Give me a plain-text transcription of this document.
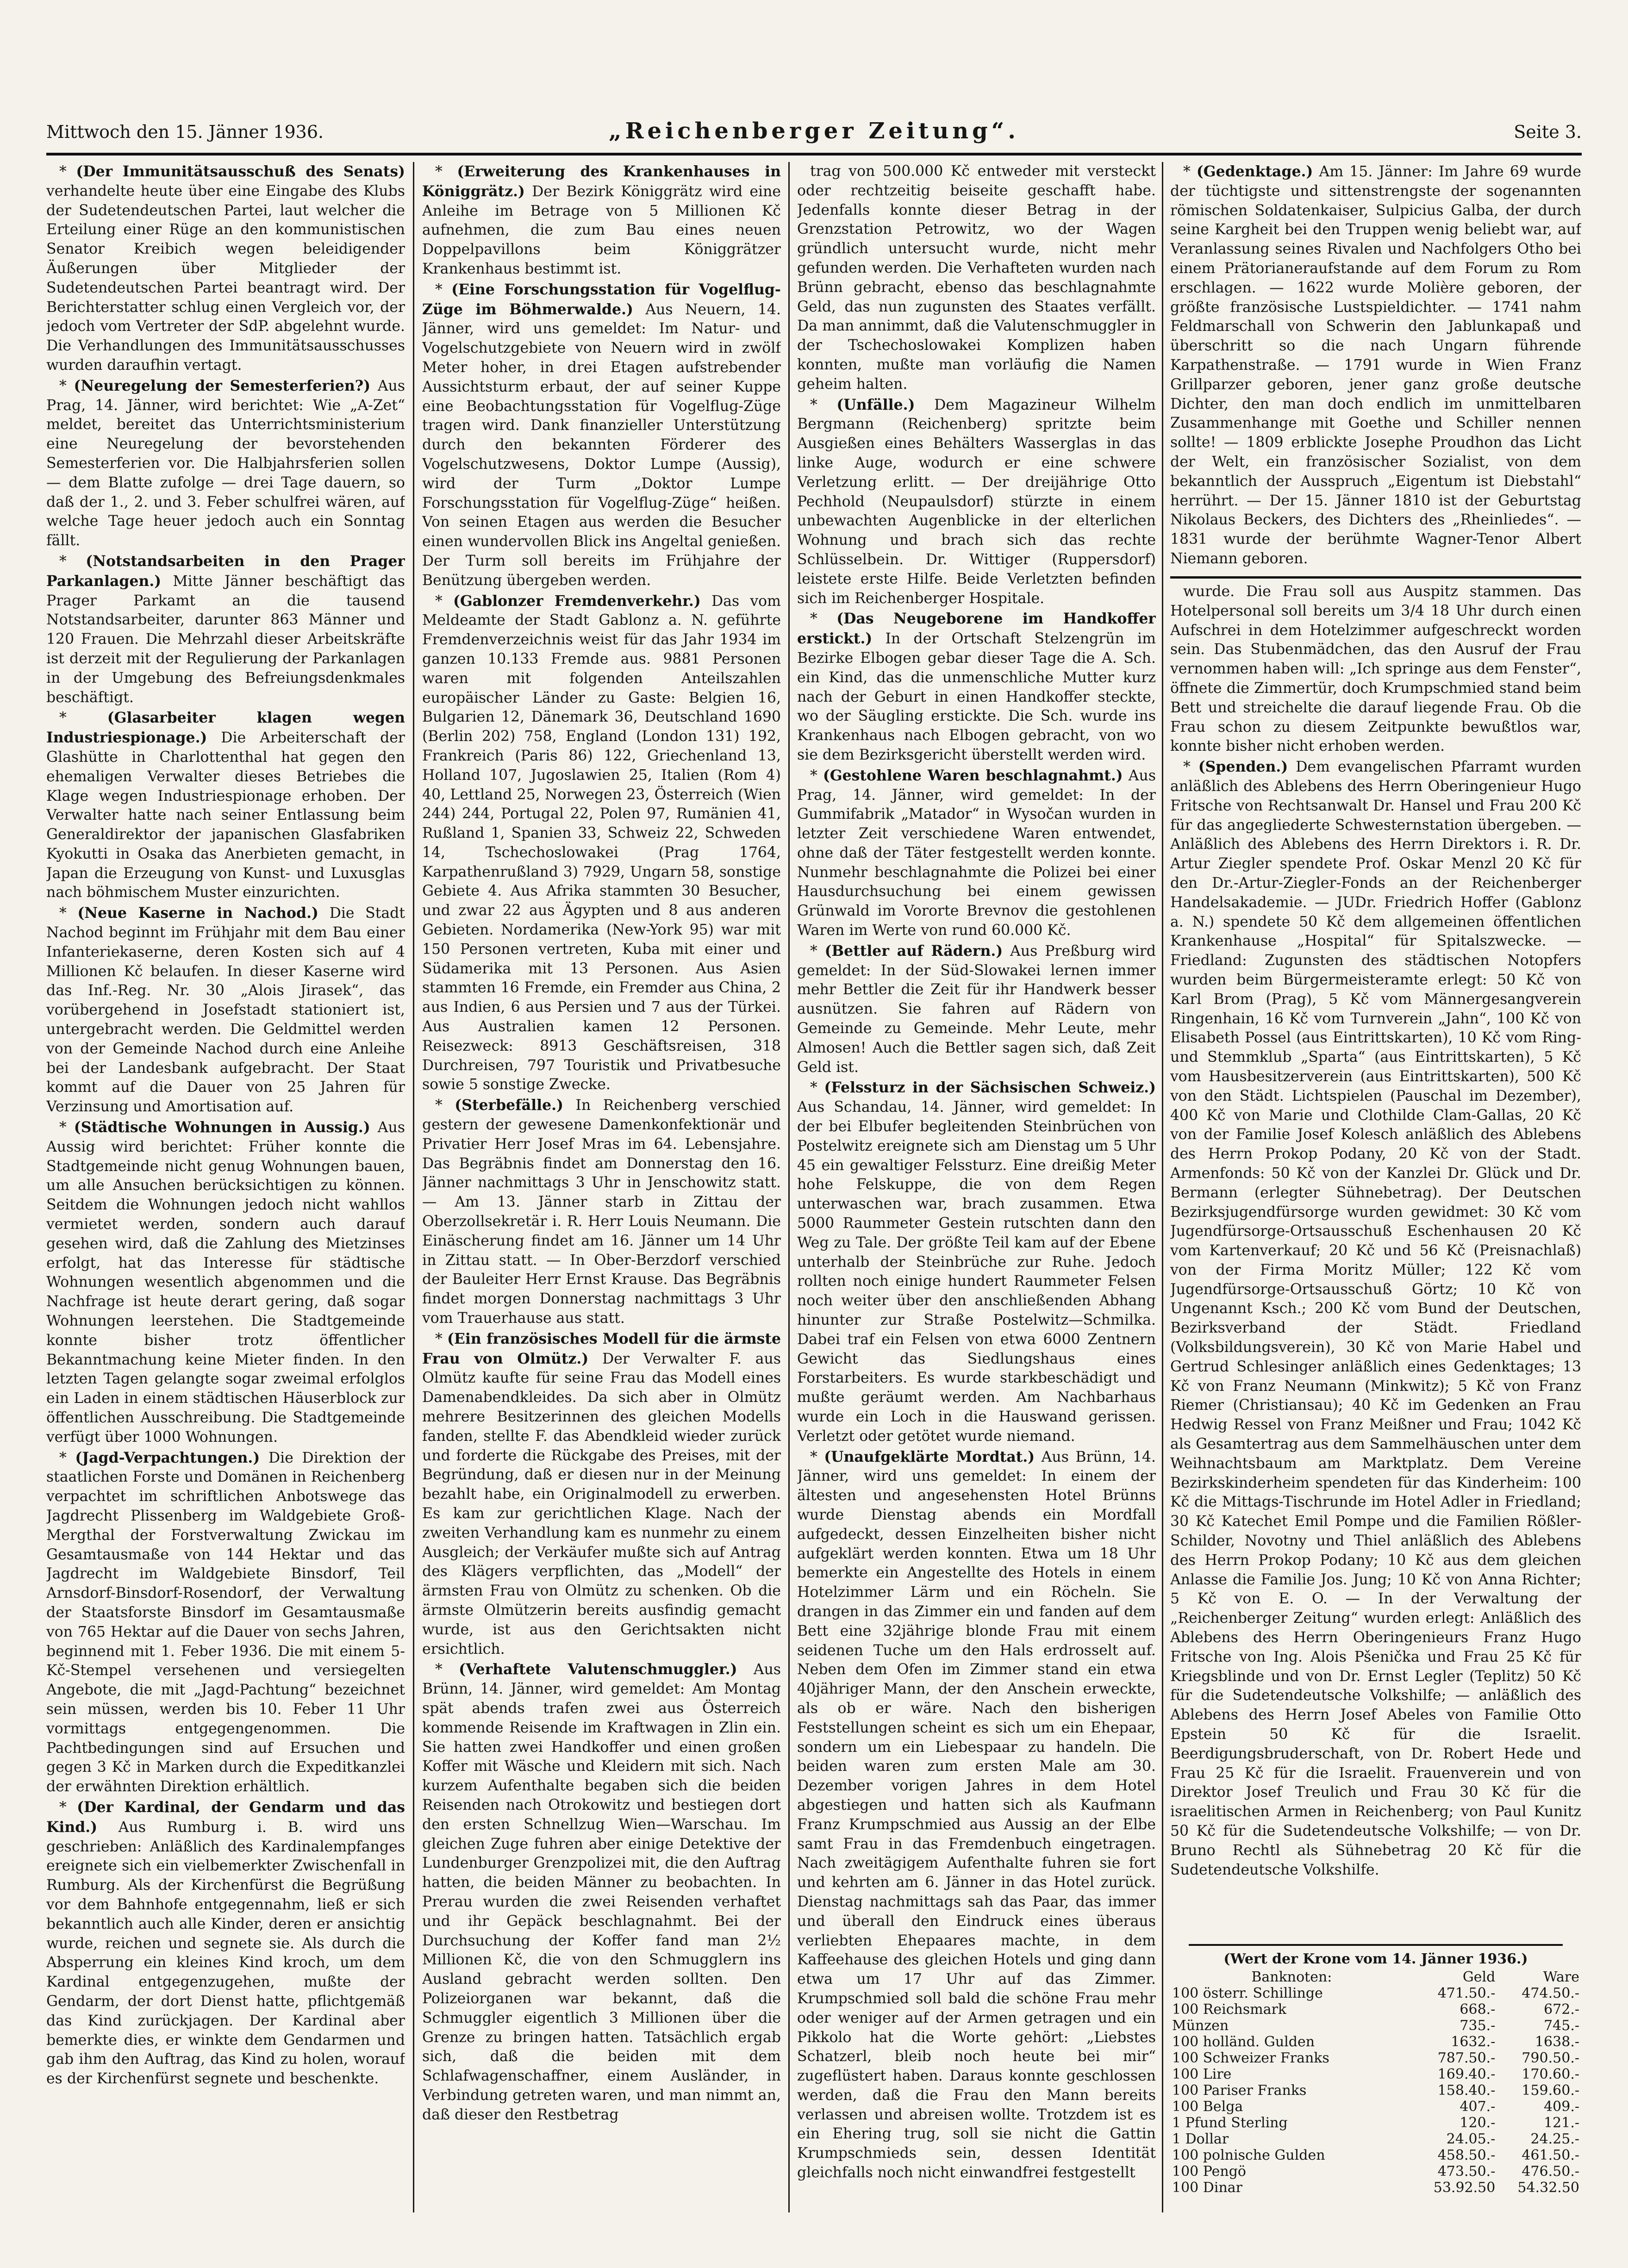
Mittwoch den 15. Jänner 1936.	„Reichenberger Zeitung“.	Seite 3.

* (Der Immunitätsausschuß des Senats) verhandelte heute über eine Eingabe des Klubs der Sudetendeutschen Partei, laut welcher die Erteilung einer Rüge an den kommunistischen Senator Kreibich wegen beleidigender Äußerungen über Mitglieder der Sudetendeutschen Partei beantragt wird. Der Berichterstatter schlug einen Vergleich vor, der jedoch vom Vertreter der SdP. abgelehnt wurde. Die Verhandlungen des Immunitätsausschusses wurden daraufhin vertagt.

* (Neuregelung der Semesterferien?) Aus Prag, 14. Jänner, wird berichtet: Wie „A-Zet“ meldet, bereitet das Unterrichtsministerium eine Neuregelung der bevorstehenden Semesterferien vor. Die Halbjahrsferien sollen — dem Blatte zufolge — drei Tage dauern, so daß der 1., 2. und 3. Feber schulfrei wären, auf welche Tage heuer jedoch auch ein Sonntag fällt.

* (Notstandsarbeiten in den Prager Parkanlagen.) Mitte Jänner beschäftigt das Prager Parkamt an die tausend Notstandsarbeiter, darunter 863 Männer und 120 Frauen. Die Mehrzahl dieser Arbeitskräfte ist derzeit mit der Regulierung der Parkanlagen in der Umgebung des Befreiungsdenkmales beschäftigt.

* (Glasarbeiter klagen wegen Industriespionage.) Die Arbeiterschaft der Glashütte in Charlottenthal hat gegen den ehemaligen Verwalter dieses Betriebes die Klage wegen Industriespionage erhoben. Der Verwalter hatte nach seiner Entlassung beim Generaldirektor der japanischen Glasfabriken Kyokutti in Osaka das Anerbieten gemacht, in Japan die Erzeugung von Kunst- und Luxusglas nach böhmischem Muster einzurichten.

* (Neue Kaserne in Nachod.) Die Stadt Nachod beginnt im Frühjahr mit dem Bau einer Infanteriekaserne, deren Kosten sich auf 4 Millionen Kč belaufen. In dieser Kaserne wird das Inf.-Reg. Nr. 30 „Alois Jirasek“, das vorübergehend in Josefstadt stationiert ist, untergebracht werden. Die Geldmittel werden von der Gemeinde Nachod durch eine Anleihe bei der Landesbank aufgebracht. Der Staat kommt auf die Dauer von 25 Jahren für Verzinsung und Amortisation auf.

* (Städtische Wohnungen in Aussig.) Aus Aussig wird berichtet: Früher konnte die Stadtgemeinde nicht genug Wohnungen bauen, um alle Ansuchen berücksichtigen zu können. Seitdem die Wohnungen jedoch nicht wahllos vermietet werden, sondern auch darauf gesehen wird, daß die Zahlung des Mietzinses erfolgt, hat das Interesse für städtische Wohnungen wesentlich abgenommen und die Nachfrage ist heute derart gering, daß sogar Wohnungen leerstehen. Die Stadtgemeinde konnte bisher trotz öffentlicher Bekanntmachung keine Mieter finden. In den letzten Tagen gelangte sogar zweimal erfolglos ein Laden in einem städtischen Häuserblock zur öffentlichen Ausschreibung. Die Stadtgemeinde verfügt über 1000 Wohnungen.

* (Jagd-Verpachtungen.) Die Direktion der staatlichen Forste und Domänen in Reichenberg verpachtet im schriftlichen Anbotswege das Jagdrecht Plissenberg im Waldgebiete Groß-Mergthal der Forstverwaltung Zwickau im Gesamtausmaße von 144 Hektar und das Jagdrecht im Waldgebiete Binsdorf, Teil Arnsdorf-Binsdorf-Rosendorf, der Verwaltung der Staatsforste Binsdorf im Gesamtausmaße von 765 Hektar auf die Dauer von sechs Jahren, beginnend mit 1. Feber 1936. Die mit einem 5-Kč-Stempel versehenen und versiegelten Angebote, die mit „Jagd-Pachtung“ bezeichnet sein müssen, werden bis 10. Feber 11 Uhr vormittags entgegengenommen. Die Pachtbedingungen sind auf Ersuchen und gegen 3 Kč in Marken durch die Expeditkanzlei der erwähnten Direktion erhältlich.

* (Der Kardinal, der Gendarm und das Kind.) Aus Rumburg i. B. wird uns geschrieben: Anläßlich des Kardinalempfanges ereignete sich ein vielbemerkter Zwischenfall in Rumburg. Als der Kirchenfürst die Begrüßung vor dem Bahnhofe entgegennahm, ließ er sich bekanntlich auch alle Kinder, deren er ansichtig wurde, reichen und segnete sie. Als durch die Absperrung ein kleines Kind kroch, um dem Kardinal entgegenzugehen, mußte der Gendarm, der dort Dienst hatte, pflichtgemäß das Kind zurückjagen. Der Kardinal aber bemerkte dies, er winkte dem Gendarmen und gab ihm den Auftrag, das Kind zu holen, worauf es der Kirchenfürst segnete und beschenkte.

* (Erweiterung des Krankenhauses in Königgrätz.) Der Bezirk Königgrätz wird eine Anleihe im Betrage von 5 Millionen Kč aufnehmen, die zum Bau eines neuen Doppelpavillons beim Königgrätzer Krankenhaus bestimmt ist.

* (Eine Forschungsstation für Vogelflug-Züge im Böhmerwalde.) Aus Neuern, 14. Jänner, wird uns gemeldet: Im Natur- und Vogelschutzgebiete von Neuern wird in zwölf Meter hoher, in drei Etagen aufstrebender Aussichtsturm erbaut, der auf seiner Kuppe eine Beobachtungsstation für Vogelflug-Züge tragen wird. Dank finanzieller Unterstützung durch den bekannten Förderer des Vogelschutzwesens, Doktor Lumpe (Aussig), wird der Turm „Doktor Lumpe Forschungsstation für Vogelflug-Züge“ heißen. Von seinen Etagen aus werden die Besucher einen wundervollen Blick ins Angeltal genießen. Der Turm soll bereits im Frühjahre der Benützung übergeben werden.

* (Gablonzer Fremdenverkehr.) Das vom Meldeamte der Stadt Gablonz a. N. geführte Fremdenverzeichnis weist für das Jahr 1934 im ganzen 10.133 Fremde aus. 9881 Personen waren mit folgenden Anteilszahlen europäischer Länder zu Gaste: Belgien 16, Bulgarien 12, Dänemark 36, Deutschland 1690 (Berlin 202) 758, England (London 131) 192, Frankreich (Paris 86) 122, Griechenland 13, Holland 107, Jugoslawien 25, Italien (Rom 4) 40, Lettland 25, Norwegen 23, Österreich (Wien 244) 244, Portugal 22, Polen 97, Rumänien 41, Rußland 1, Spanien 33, Schweiz 22, Schweden 14, Tschechoslowakei (Prag 1764, Karpathenrußland 3) 7929, Ungarn 58, sonstige Gebiete 4. Aus Afrika stammten 30 Besucher, und zwar 22 aus Ägypten und 8 aus anderen Gebieten. Nordamerika (New-York 95) war mit 150 Personen vertreten, Kuba mit einer und Südamerika mit 13 Personen. Aus Asien stammten 16 Fremde, ein Fremder aus China, 2 aus Indien, 6 aus Persien und 7 aus der Türkei. Aus Australien kamen 12 Personen. Reisezweck: 8913 Geschäftsreisen, 318 Durchreisen, 797 Touristik und Privatbesuche sowie 5 sonstige Zwecke.

* (Sterbefälle.) In Reichenberg verschied gestern der gewesene Damenkonfektionär und Privatier Herr Josef Mras im 64. Lebensjahre. Das Begräbnis findet am Donnerstag den 16. Jänner nachmittags 3 Uhr in Jenschowitz statt. — Am 13. Jänner starb in Zittau der Oberzollsekretär i. R. Herr Louis Neumann. Die Einäscherung findet am 16. Jänner um 14 Uhr in Zittau statt. — In Ober-Berzdorf verschied der Bauleiter Herr Ernst Krause. Das Begräbnis findet morgen Donnerstag nachmittags 3 Uhr vom Trauerhause aus statt.

* (Ein französisches Modell für die ärmste Frau von Olmütz.) Der Verwalter F. aus Olmütz kaufte für seine Frau das Modell eines Damenabendkleides. Da sich aber in Olmütz mehrere Besitzerinnen des gleichen Modells fanden, stellte F. das Abendkleid wieder zurück und forderte die Rückgabe des Preises, mit der Begründung, daß er diesen nur in der Meinung bezahlt habe, ein Originalmodell zu erwerben. Es kam zur gerichtlichen Klage. Nach der zweiten Verhandlung kam es nunmehr zu einem Ausgleich; der Verkäufer mußte sich auf Antrag des Klägers verpflichten, das „Modell“ der ärmsten Frau von Olmütz zu schenken. Ob die ärmste Olmützerin bereits ausfindig gemacht wurde, ist aus den Gerichtsakten nicht ersichtlich.

* (Verhaftete Valutenschmuggler.) Aus Brünn, 14. Jänner, wird gemeldet: Am Montag spät abends trafen zwei aus Österreich kommende Reisende im Kraftwagen in Zlin ein. Sie hatten zwei Handkoffer und einen großen Koffer mit Wäsche und Kleidern mit sich. Nach kurzem Aufenthalte begaben sich die beiden Reisenden nach Otrokowitz und bestiegen dort den ersten Schnellzug Wien—Warschau. Im gleichen Zuge fuhren aber einige Detektive der Lundenburger Grenzpolizei mit, die den Auftrag hatten, die beiden Männer zu beobachten. In Prerau wurden die zwei Reisenden verhaftet und ihr Gepäck beschlagnahmt. Bei der Durchsuchung der Koffer fand man 2½ Millionen Kč, die von den Schmugglern ins Ausland gebracht werden sollten. Den Polizeiorganen war bekannt, daß die Schmuggler eigentlich 3 Millionen über die Grenze zu bringen hatten. Tatsächlich ergab sich, daß die beiden mit dem Schlafwagenschaffner, einem Ausländer, in Verbindung getreten waren, und man nimmt an, daß dieser den Restbetrag

trag von 500.000 Kč entweder mit versteckt oder rechtzeitig beiseite geschafft habe. Jedenfalls konnte dieser Betrag in der Grenzstation Petrowitz, wo der Wagen gründlich untersucht wurde, nicht mehr gefunden werden. Die Verhafteten wurden nach Brünn gebracht, ebenso das beschlagnahmte Geld, das nun zugunsten des Staates verfällt. Da man annimmt, daß die Valutenschmuggler in der Tschechoslowakei Komplizen haben konnten, mußte man vorläufig die Namen geheim halten.

* (Unfälle.) Dem Magazineur Wilhelm Bergmann (Reichenberg) spritzte beim Ausgießen eines Behälters Wasserglas in das linke Auge, wodurch er eine schwere Verletzung erlitt. — Der dreijährige Otto Pechhold (Neupaulsdorf) stürzte in einem unbewachten Augenblicke in der elterlichen Wohnung und brach sich das rechte Schlüsselbein. Dr. Wittiger (Ruppersdorf) leistete erste Hilfe. Beide Verletzten befinden sich im Reichenberger Hospitale.

* (Das Neugeborene im Handkoffer erstickt.) In der Ortschaft Stelzengrün im Bezirke Elbogen gebar dieser Tage die A. Sch. ein Kind, das die unmenschliche Mutter kurz nach der Geburt in einen Handkoffer steckte, wo der Säugling erstickte. Die Sch. wurde ins Krankenhaus nach Elbogen gebracht, von wo sie dem Bezirksgericht überstellt werden wird.

* (Gestohlene Waren beschlagnahmt.) Aus Prag, 14. Jänner, wird gemeldet: In der Gummifabrik „Matador“ in Wysočan wurden in letzter Zeit verschiedene Waren entwendet, ohne daß der Täter festgestellt werden konnte. Nunmehr beschlagnahmte die Polizei bei einer Hausdurchsuchung bei einem gewissen Grünwald im Vororte Brevnov die gestohlenen Waren im Werte von rund 60.000 Kč.

* (Bettler auf Rädern.) Aus Preßburg wird gemeldet: In der Süd-Slowakei lernen immer mehr Bettler die Zeit für ihr Handwerk besser ausnützen. Sie fahren auf Rädern von Gemeinde zu Gemeinde. Mehr Leute, mehr Almosen! Auch die Bettler sagen sich, daß Zeit Geld ist.

* (Felssturz in der Sächsischen Schweiz.) Aus Schandau, 14. Jänner, wird gemeldet: In der bei Elbufer begleitenden Steinbrüchen von Postelwitz ereignete sich am Dienstag um 5 Uhr 45 ein gewaltiger Felssturz. Eine dreißig Meter hohe Felskuppe, die von dem Regen unterwaschen war, brach zusammen. Etwa 5000 Raummeter Gestein rutschten dann den Weg zu Tale. Der größte Teil kam auf der Ebene unterhalb der Steinbrüche zur Ruhe. Jedoch rollten noch einige hundert Raummeter Felsen noch weiter über den anschließenden Abhang hinunter zur Straße Postelwitz—Schmilka. Dabei traf ein Felsen von etwa 6000 Zentnern Gewicht das Siedlungshaus eines Forstarbeiters. Es wurde starkbeschädigt und mußte geräumt werden. Am Nachbarhaus wurde ein Loch in die Hauswand gerissen. Verletzt oder getötet wurde niemand.

* (Unaufgeklärte Mordtat.) Aus Brünn, 14. Jänner, wird uns gemeldet: In einem der ältesten und angesehensten Hotel Brünns wurde Dienstag abends ein Mordfall aufgedeckt, dessen Einzelheiten bisher nicht aufgeklärt werden konnten. Etwa um 18 Uhr bemerkte ein Angestellte des Hotels in einem Hotelzimmer Lärm und ein Röcheln. Sie drangen in das Zimmer ein und fanden auf dem Bett eine 32jährige blonde Frau mit einem seidenen Tuche um den Hals erdrosselt auf. Neben dem Ofen im Zimmer stand ein etwa 40jähriger Mann, der den Anschein erweckte, als ob er wäre. Nach den bisherigen Feststellungen scheint es sich um ein Ehepaar, sondern um ein Liebespaar zu handeln. Die beiden waren zum ersten Male am 30. Dezember vorigen Jahres in dem Hotel abgestiegen und hatten sich als Kaufmann Franz Krumpschmied aus Aussig an der Elbe samt Frau in das Fremdenbuch eingetragen. Nach zweitägigem Aufenthalte fuhren sie fort und kehrten am 6. Jänner in das Hotel zurück. Dienstag nachmittags sah das Paar, das immer und überall den Eindruck eines überaus verliebten Ehepaares machte, in dem Kaffeehause des gleichen Hotels und ging dann etwa um 17 Uhr auf das Zimmer. Krumpschmied soll bald die schöne Frau mehr oder weniger auf der Armen getragen und ein Pikkolo hat die Worte gehört: „Liebstes Schatzerl, bleib noch heute bei mir“ zugeflüstert haben. Daraus konnte geschlossen werden, daß die Frau den Mann bereits verlassen und abreisen wollte. Trotzdem ist es ein Ehering trug, soll sie nicht die Gattin Krumpschmieds sein, dessen Identität gleichfalls noch nicht einwandfrei festgestellt

* (Gedenktage.) Am 15. Jänner: Im Jahre 69 wurde der tüchtigste und sittenstrengste der sogenannten römischen Soldatenkaiser, Sulpicius Galba, der durch seine Kargheit bei den Truppen wenig beliebt war, auf Veranlassung seines Rivalen und Nachfolgers Otho bei einem Prätorianeraufstande auf dem Forum zu Rom erschlagen. — 1622 wurde Molière geboren, der größte französische Lustspieldichter. — 1741 nahm Feldmarschall von Schwerin den Jablunkapaß und überschritt so die nach Ungarn führende Karpathenstraße. — 1791 wurde in Wien Franz Grillparzer geboren, jener ganz große deutsche Dichter, den man doch endlich im unmittelbaren Zusammenhange mit Goethe und Schiller nennen sollte! — 1809 erblickte Josephe Proudhon das Licht der Welt, ein französischer Sozialist, von dem bekanntlich der Ausspruch „Eigentum ist Diebstahl“ herrührt. — Der 15. Jänner 1810 ist der Geburtstag Nikolaus Beckers, des Dichters des „Rheinliedes“. — 1831 wurde der berühmte Wagner-Tenor Albert Niemann geboren.

wurde. Die Frau soll aus Auspitz stammen. Das Hotelpersonal soll bereits um 3/4 18 Uhr durch einen Aufschrei in dem Hotelzimmer aufgeschreckt worden sein. Das Stubenmädchen, das den Ausruf der Frau vernommen haben will: „Ich springe aus dem Fenster“, öffnete die Zimmertür, doch Krumpschmied stand beim Bett und streichelte die darauf liegende Frau. Ob die Frau schon zu diesem Zeitpunkte bewußtlos war, konnte bisher nicht erhoben werden.

* (Spenden.) Dem evangelischen Pfarramt wurden anläßlich des Ablebens des Herrn Oberingenieur Hugo Fritsche von Rechtsanwalt Dr. Hansel und Frau 200 Kč für das angegliederte Schwesternstation übergeben. — Anläßlich des Ablebens des Herrn Direktors i. R. Dr. Artur Ziegler spendete Prof. Oskar Menzl 20 Kč für den Dr.-Artur-Ziegler-Fonds an der Reichenberger Handelsakademie. — JUDr. Friedrich Hoffer (Gablonz a. N.) spendete 50 Kč dem allgemeinen öffentlichen Krankenhause „Hospital“ für Spitalszwecke. — Friedland: Zugunsten des städtischen Notopfers wurden beim Bürgermeisteramte erlegt: 50 Kč von Karl Brom (Prag), 5 Kč vom Männergesangverein Ringenhain, 16 Kč vom Turnverein „Jahn“, 100 Kč von Elisabeth Possel (aus Eintrittskarten), 10 Kč vom Ring- und Stemmklub „Sparta“ (aus Eintrittskarten), 5 Kč vom Hausbesitzerverein (aus Eintrittskarten), 500 Kč von den Städt. Lichtspielen (Pauschal im Dezember), 400 Kč von Marie und Clothilde Clam-Gallas, 20 Kč von der Familie Josef Kolesch anläßlich des Ablebens des Herrn Prokop Podany, 20 Kč von der Stadt. Armenfonds: 50 Kč von der Kanzlei Dr. Glück und Dr. Bermann (erlegter Sühnebetrag). Der Deutschen Bezirksjugendfürsorge wurden gewidmet: 30 Kč vom Jugendfürsorge-Ortsausschuß Eschenhausen 20 Kč vom Kartenverkauf; 20 Kč und 56 Kč (Preisnachlaß) von der Firma Moritz Müller; 122 Kč vom Jugendfürsorge-Ortsausschuß Görtz; 10 Kč von Ungenannt Ksch.; 200 Kč vom Bund der Deutschen, Bezirksverband der Städt. Friedland (Volksbildungsverein), 30 Kč von Marie Habel und Gertrud Schlesinger anläßlich eines Gedenktages; 13 Kč von Franz Neumann (Minkwitz); 5 Kč von Franz Riemer (Christiansau); 40 Kč im Gedenken an Frau Hedwig Ressel von Franz Meißner und Frau; 1042 Kč als Gesamtertrag aus dem Sammelhäuschen unter dem Weihnachtsbaum am Marktplatz. Dem Vereine Bezirkskinderheim spendeten für das Kinderheim: 100 Kč die Mittags-Tischrunde im Hotel Adler in Friedland; 30 Kč Katechet Emil Pompe und die Familien Rößler-Schilder, Novotny und Thiel anläßlich des Ablebens des Herrn Prokop Podany; 10 Kč aus dem gleichen Anlasse die Familie Jos. Jung; 10 Kč von Anna Richter; 5 Kč von E. O. — In der Verwaltung der „Reichenberger Zeitung“ wurden erlegt: Anläßlich des Ablebens des Herrn Oberingenieurs Franz Hugo Fritsche von Ing. Alois Pšenička und Frau 25 Kč für Kriegsblinde und von Dr. Ernst Legler (Teplitz) 50 Kč für die Sudetendeutsche Volkshilfe; — anläßlich des Ablebens des Herrn Josef Abeles von Familie Otto Epstein 50 Kč für die Israelit. Beerdigungsbruderschaft, von Dr. Robert Hede und Frau 25 Kč für die Israelit. Frauenverein und von Direktor Josef Treulich und Frau 30 Kč für die israelitischen Armen in Reichenberg; von Paul Kunitz 50 Kč für die Sudetendeutsche Volkshilfe; — von Dr. Bruno Rechtl als Sühnebetrag 20 Kč für die Sudetendeutsche Volkshilfe.

(Wert der Krone vom 14. Jänner 1936.)
Banknoten:	Geld	Ware
100 österr. Schillinge	471.50.-	474.50.-
100 Reichsmark	668.-	672.-
Münzen	735.-	745.-
100 holländ. Gulden	1632.-	1638.-
100 Schweizer Franks	787.50.-	790.50.-
100 Lire	169.40.-	170.60.-
100 Pariser Franks	158.40.-	159.60.-
100 Belga	407.-	409.-
1 Pfund Sterling	120.-	121.-
1 Dollar	24.05.-	24.25.-
100 polnische Gulden	458.50.-	461.50.-
100 Pengö	473.50.-	476.50.-
100 Dinar	53.92.50	54.32.50
